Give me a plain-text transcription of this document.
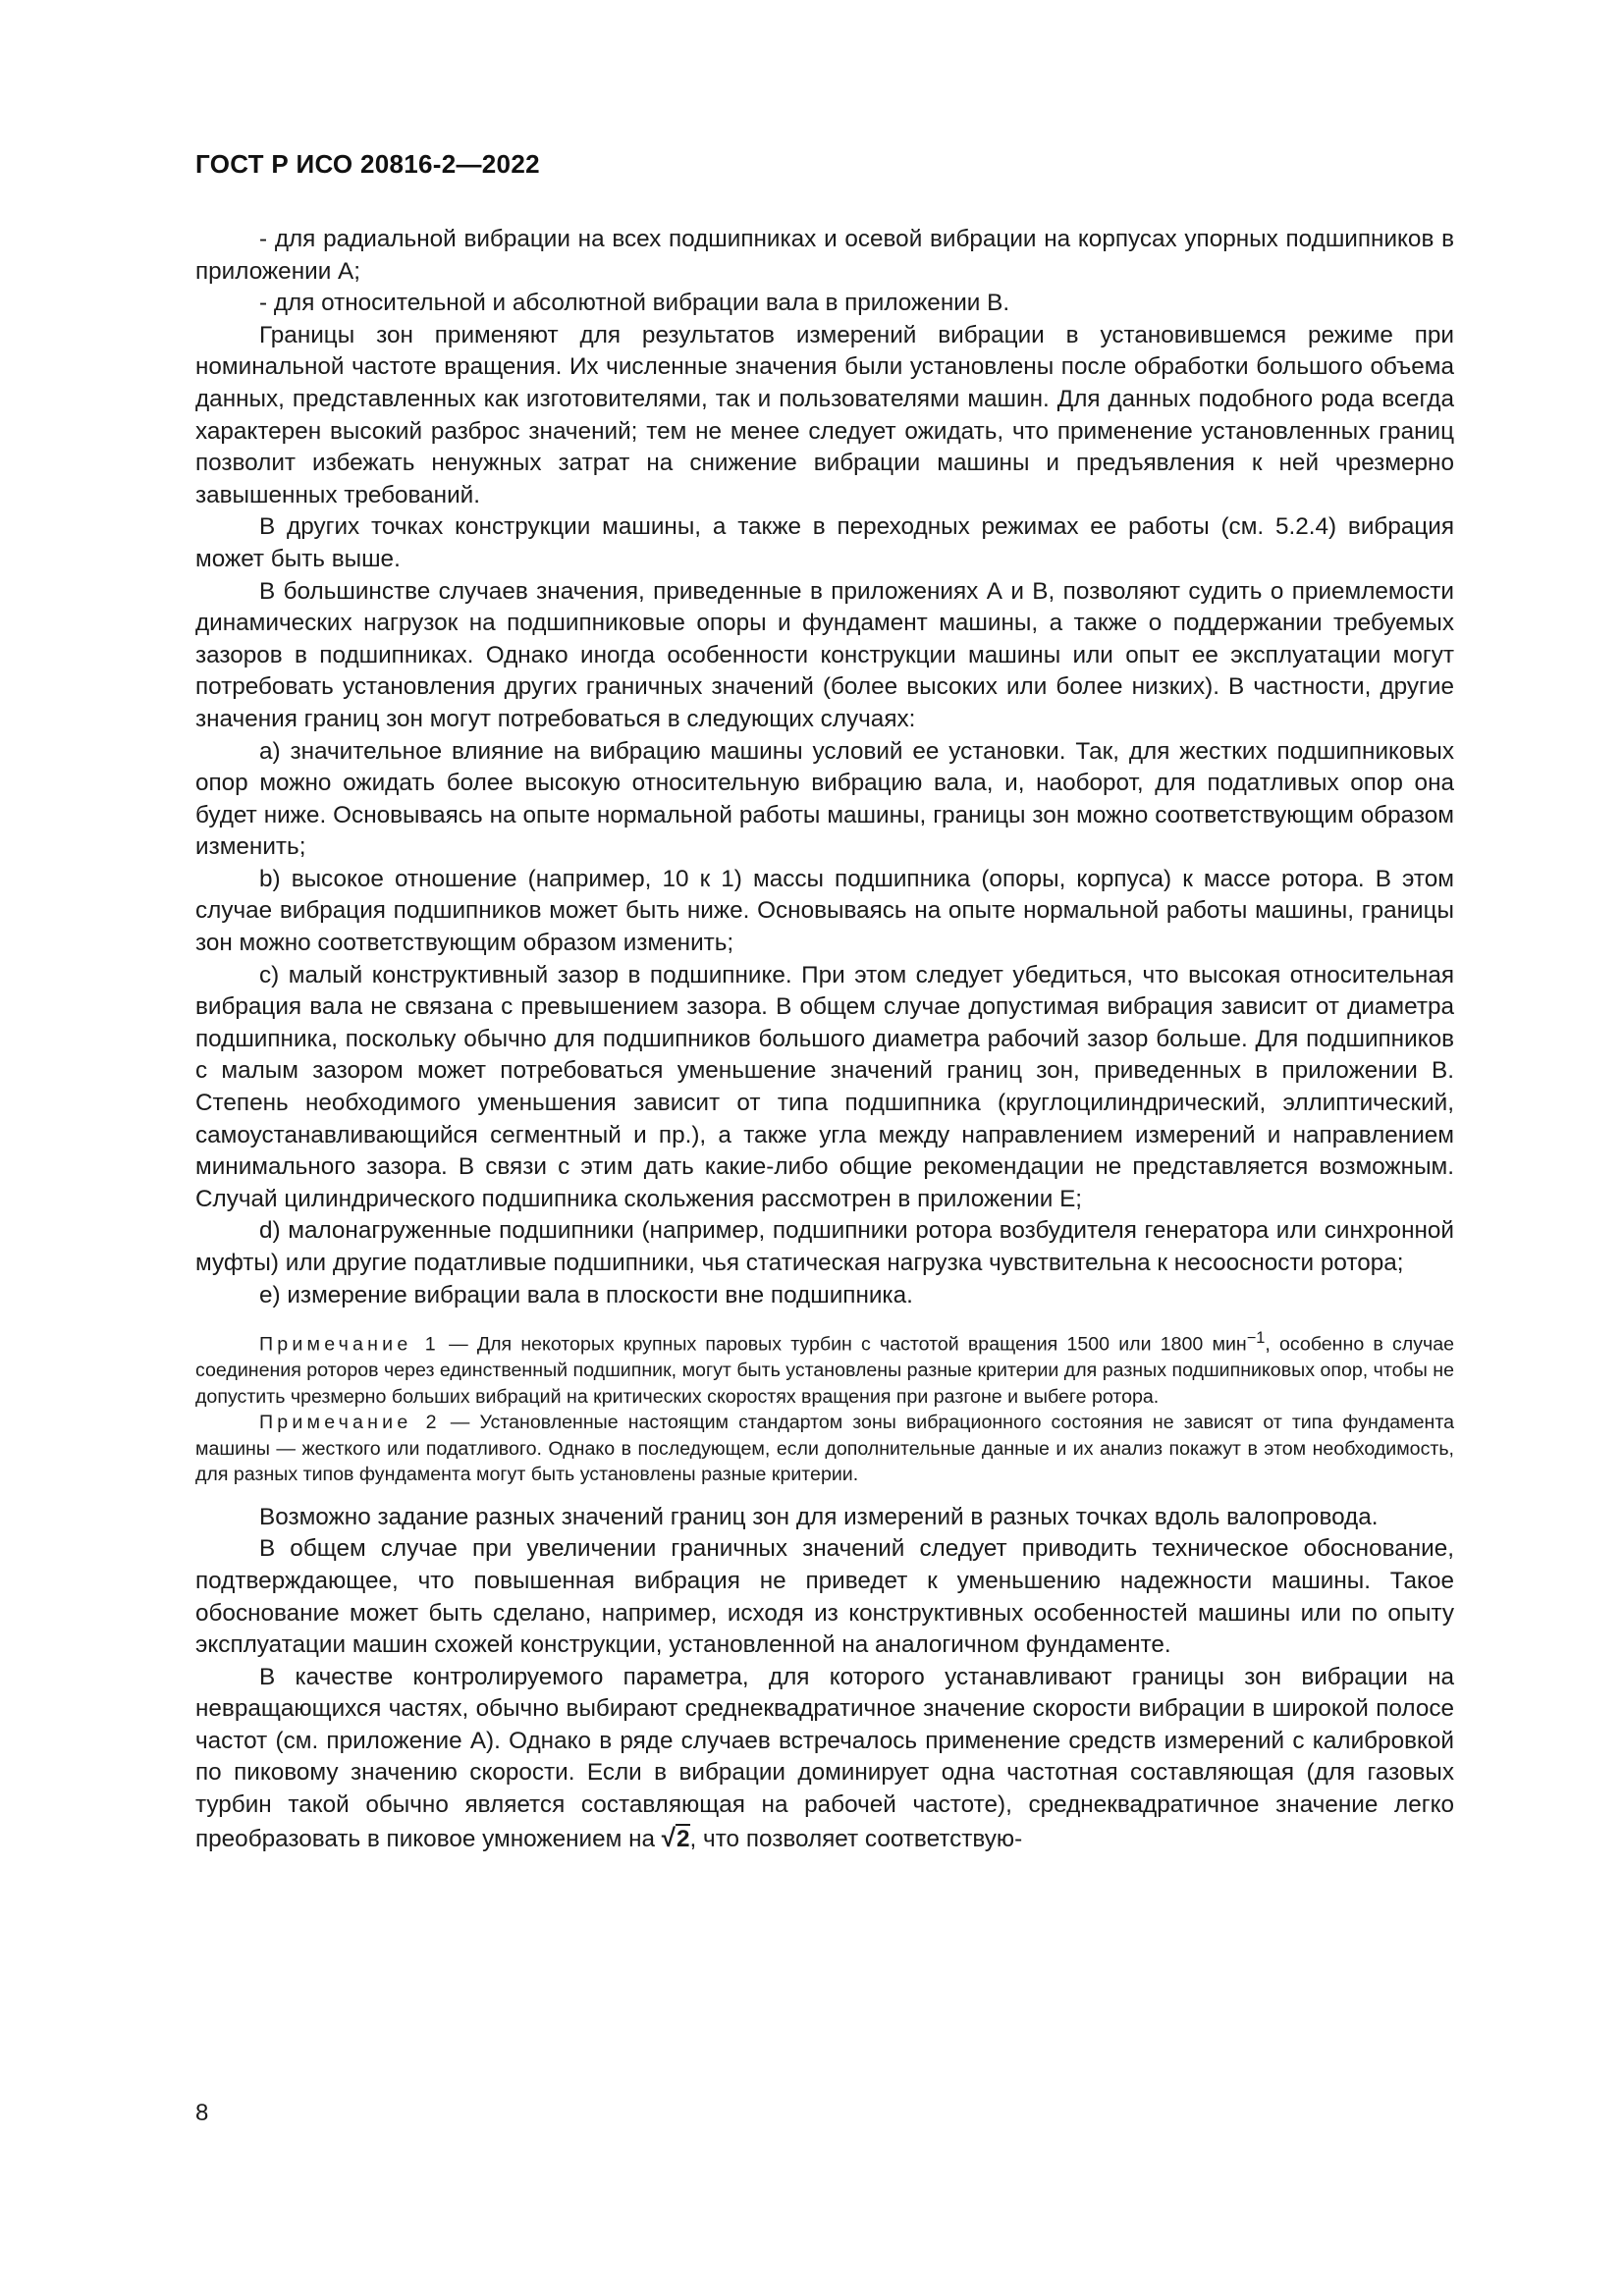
ГОСТ Р ИСО 20816-2—2022

- для радиальной вибрации на всех подшипниках и осевой вибрации на корпусах упорных подшипников в приложении А;

- для относительной и абсолютной вибрации вала в приложении В.

Границы зон применяют для результатов измерений вибрации в установившемся режиме при номинальной частоте вращения. Их численные значения были установлены после обработки большого объема данных, представленных как изготовителями, так и пользователями машин. Для данных подобного рода всегда характерен высокий разброс значений; тем не менее следует ожидать, что применение установленных границ позволит избежать ненужных затрат на снижение вибрации машины и предъявления к ней чрезмерно завышенных требований.

В других точках конструкции машины, а также в переходных режимах ее работы (см. 5.2.4) вибрация может быть выше.

В большинстве случаев значения, приведенные в приложениях А и В, позволяют судить о приемлемости динамических нагрузок на подшипниковые опоры и фундамент машины, а также о поддержании требуемых зазоров в подшипниках. Однако иногда особенности конструкции машины или опыт ее эксплуатации могут потребовать установления других граничных значений (более высоких или более низких). В частности, другие значения границ зон могут потребоваться в следующих случаях:

a) значительное влияние на вибрацию машины условий ее установки. Так, для жестких подшипниковых опор можно ожидать более высокую относительную вибрацию вала, и, наоборот, для податливых опор она будет ниже. Основываясь на опыте нормальной работы машины, границы зон можно соответствующим образом изменить;

b) высокое отношение (например, 10 к 1) массы подшипника (опоры, корпуса) к массе ротора. В этом случае вибрация подшипников может быть ниже. Основываясь на опыте нормальной работы машины, границы зон можно соответствующим образом изменить;

c) малый конструктивный зазор в подшипнике. При этом следует убедиться, что высокая относительная вибрация вала не связана с превышением зазора. В общем случае допустимая вибрация зависит от диаметра подшипника, поскольку обычно для подшипников большого диаметра рабочий зазор больше. Для подшипников с малым зазором может потребоваться уменьшение значений границ зон, приведенных в приложении В. Степень необходимого уменьшения зависит от типа подшипника (круглоцилиндрический, эллиптический, самоустанавливающийся сегментный и пр.), а также угла между направлением измерений и направлением минимального зазора. В связи с этим дать какие-либо общие рекомендации не представляется возможным. Случай цилиндрического подшипника скольжения рассмотрен в приложении Е;

d) малонагруженные подшипники (например, подшипники ротора возбудителя генератора или синхронной муфты) или другие податливые подшипники, чья статическая нагрузка чувствительна к несоосности ротора;

e) измерение вибрации вала в плоскости вне подшипника.

Примечание 1 — Для некоторых крупных паровых турбин с частотой вращения 1500 или 1800 мин$^{-1}$, особенно в случае соединения роторов через единственный подшипник, могут быть установлены разные критерии для разных подшипниковых опор, чтобы не допустить чрезмерно больших вибраций на критических скоростях вращения при разгоне и выбеге ротора.

Примечание 2 — Установленные настоящим стандартом зоны вибрационного состояния не зависят от типа фундамента машины — жесткого или податливого. Однако в последующем, если дополнительные данные и их анализ покажут в этом необходимость, для разных типов фундамента могут быть установлены разные критерии.

Возможно задание разных значений границ зон для измерений в разных точках вдоль валопровода.

В общем случае при увеличении граничных значений следует приводить техническое обоснование, подтверждающее, что повышенная вибрация не приведет к уменьшению надежности машины. Такое обоснование может быть сделано, например, исходя из конструктивных особенностей машины или по опыту эксплуатации машин схожей конструкции, установленной на аналогичном фундаменте.

В качестве контролируемого параметра, для которого устанавливают границы зон вибрации на невращающихся частях, обычно выбирают среднеквадратичное значение скорости вибрации в широкой полосе частот (см. приложение А). Однако в ряде случаев встречалось применение средств измерений с калибровкой по пиковому значению скорости. Если в вибрации доминирует одна частотная составляющая (для газовых турбин такой обычно является составляющая на рабочей частоте), среднеквадратичное значение легко преобразовать в пиковое умножением на √2, что позволяет соответствую-

8
